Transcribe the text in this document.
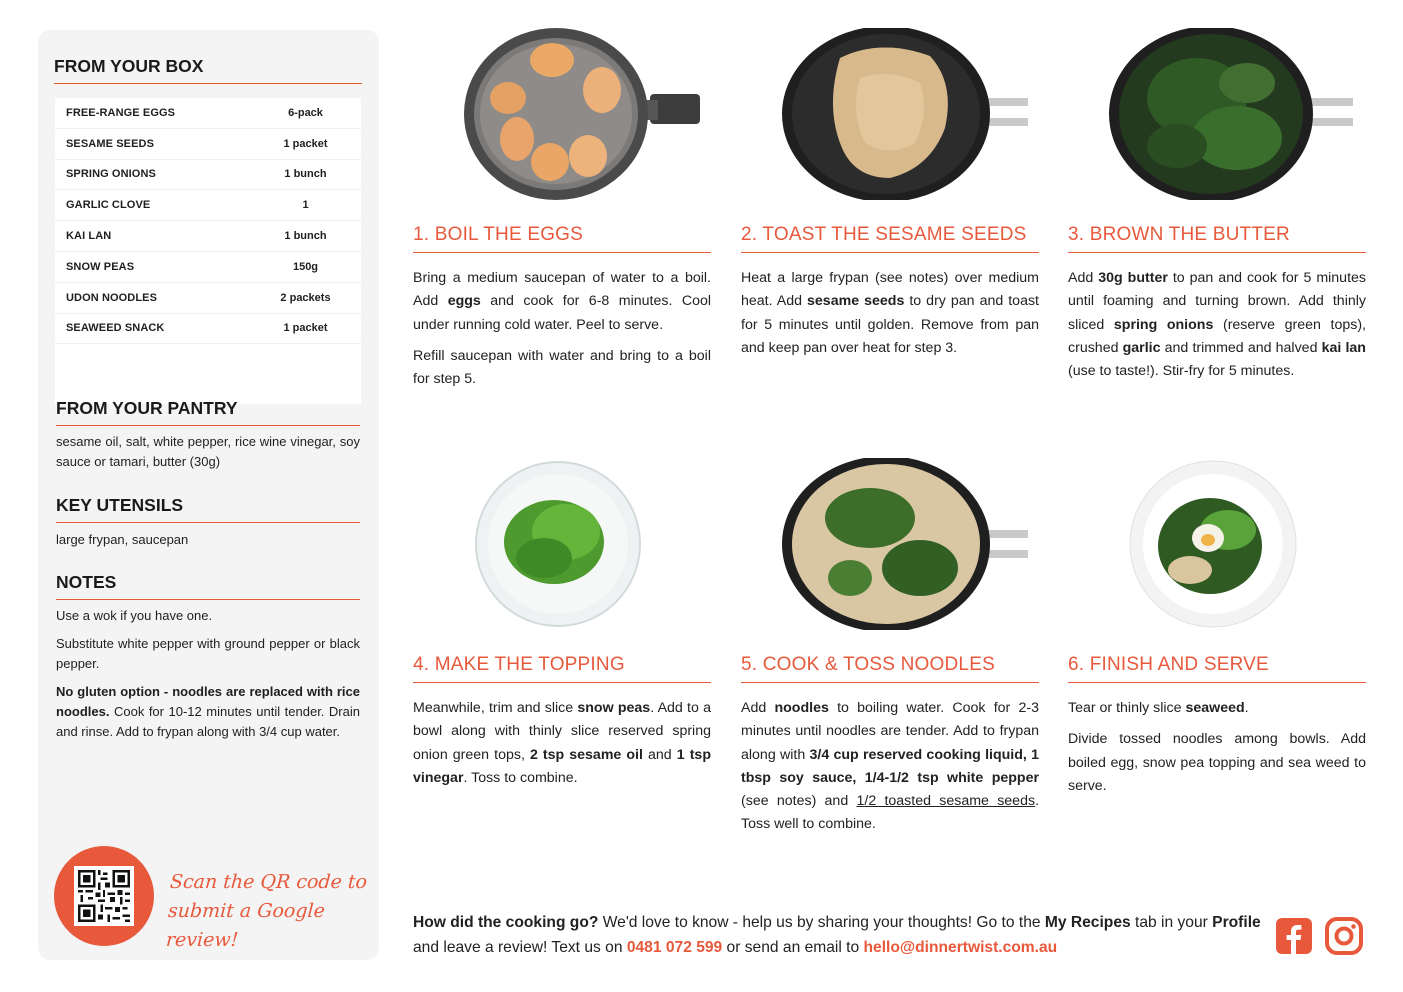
FROM YOUR BOX
FREE-RANGE EGGS	6-pack
SESAME SEEDS	1 packet
SPRING ONIONS	1 bunch
GARLIC CLOVE	1
KAI LAN	1 bunch
SNOW PEAS	150g
UDON NOODLES	2 packets
SEAWEED SNACK	1 packet
FROM YOUR PANTRY
sesame oil, salt, white pepper, rice wine vinegar, soy sauce or tamari, butter (30g)
KEY UTENSILS
large frypan, saucepan
NOTES

Use a wok if you have one.

Substitute white pepper with ground pepper or black pepper.

No gluten option - noodles are replaced with rice noodles. Cook for 10-12 minutes until tender. Drain and rinse. Add to frypan along with 3/4 cup water.

Scan the QR code to
submit a Google review!
1. BOIL THE EGGS

Bring a medium saucepan of water to a boil. Add eggs and cook for 6-8 minutes. Cool under running cold water. Peel to serve.

Refill saucepan with water and bring to a boil for step 5.

2. TOAST THE SESAME SEEDS

Heat a large frypan (see notes) over medium heat. Add sesame seeds to dry pan and toast for 5 minutes until golden. Remove from pan and keep pan over heat for step 3.

3. BROWN THE BUTTER

Add 30g butter to pan and cook for 5 minutes until foaming and turning brown. Add thinly sliced spring onions (reserve green tops), crushed garlic and trimmed and halved kai lan (use to taste!). Stir-fry for 5 minutes.

4. MAKE THE TOPPING

Meanwhile, trim and slice snow peas. Add to a bowl along with thinly slice reserved spring onion green tops, 2 tsp sesame oil and 1 tsp vinegar. Toss to combine.

5. COOK & TOSS NOODLES

Add noodles to boiling water. Cook for 2-3 minutes until noodles are tender. Add to frypan along with 3/4 cup reserved cooking liquid, 1 tbsp soy sauce, 1/4-1/2 tsp white pepper (see notes) and 1/2 toasted sesame seeds. Toss well to combine.

6. FINISH AND SERVE

Tear or thinly slice seaweed.

Divide tossed noodles among bowls. Add boiled egg, snow pea topping and sea weed to serve.

How did the cooking go? We'd love to know - help us by sharing your thoughts! Go to the My Recipes tab in your Profile and leave a review! Text us on 0481 072 599 or send an email to hello@dinnertwist.com.au
